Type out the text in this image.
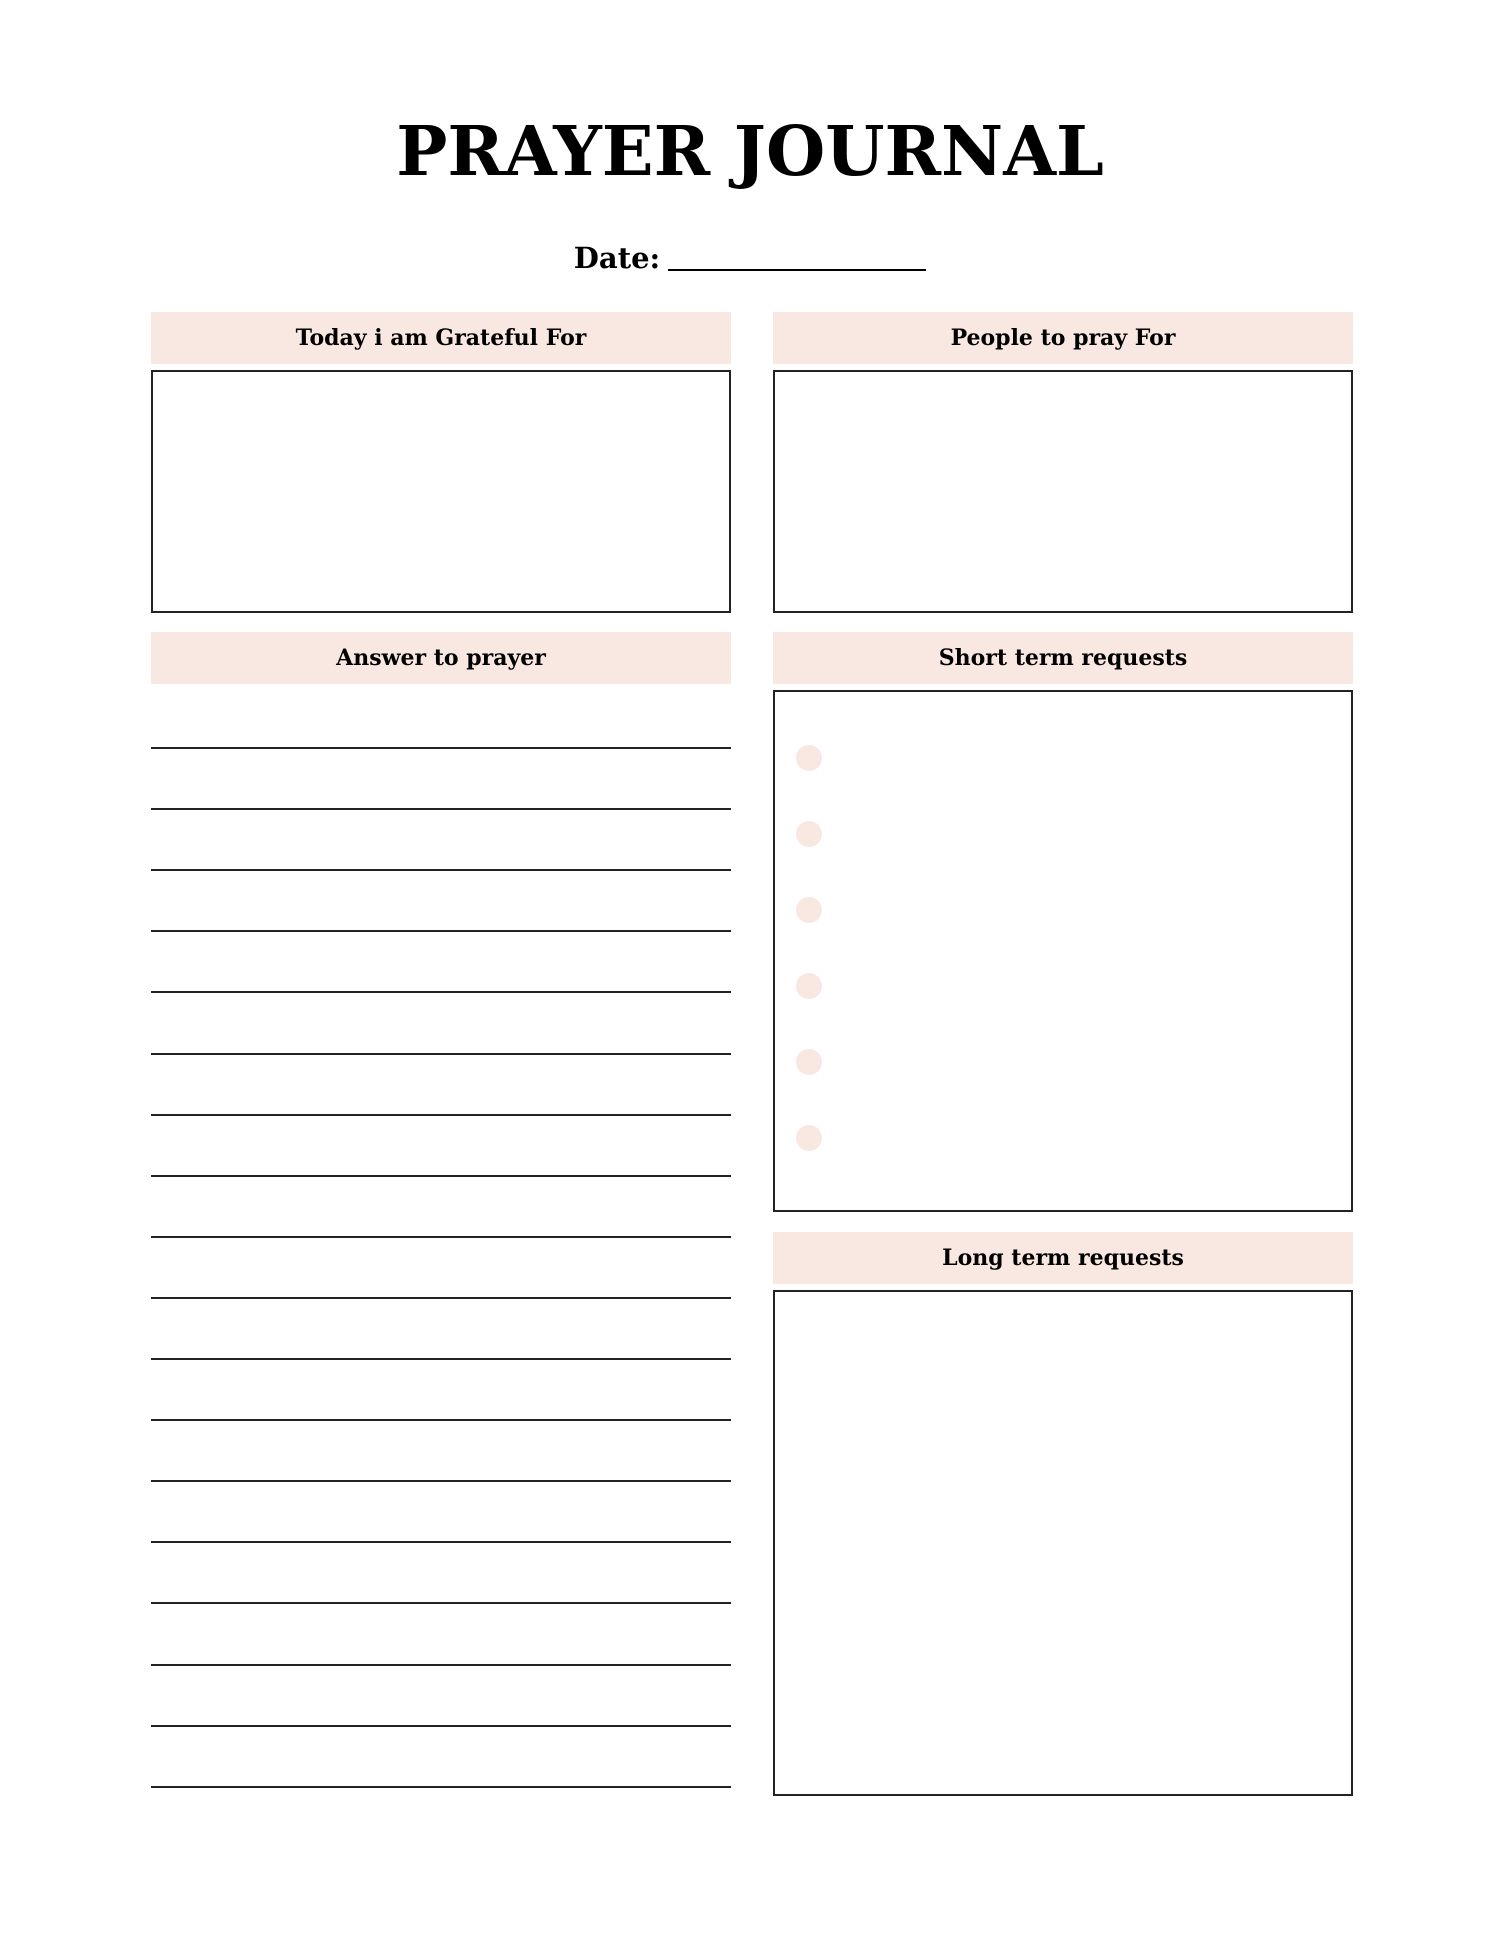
PRAYER JOURNAL
Date:
Today i am Grateful For	People to pray For
Answer to prayer	Short term requests
Long term requests
